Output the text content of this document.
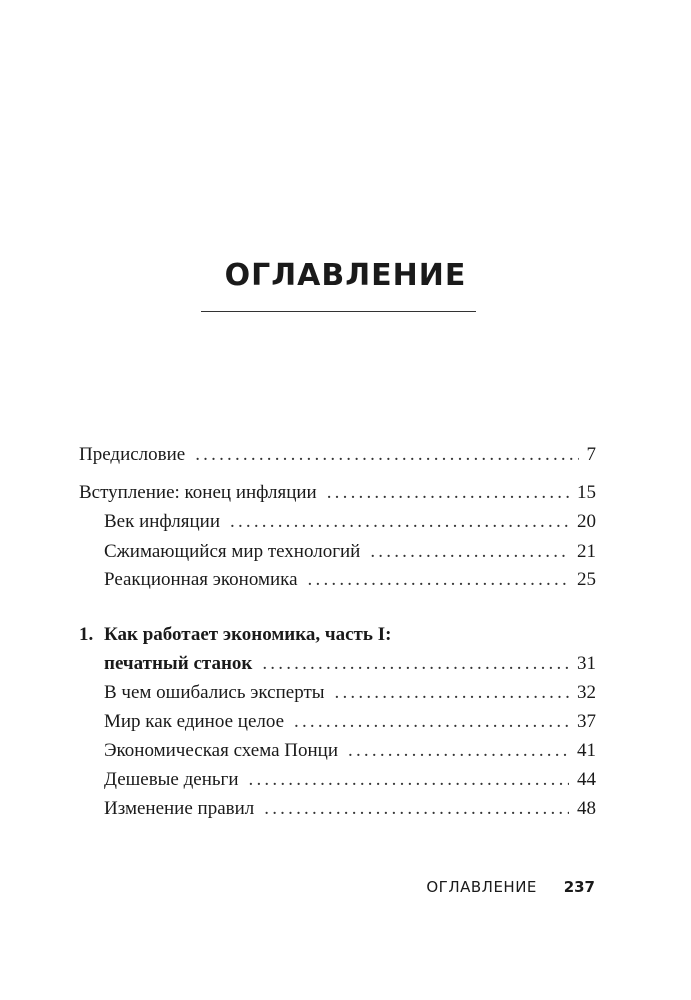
ОГЛАВЛЕНИЕ
Предисловие .....	7
Вступление: конец инфляции .....	15
Век инфляции .....	20
Сжимающийся мир технологий .....	21
Реакционная экономика .....	25
1. Как работает экономика, часть I:
печатный станок .....	31
В чем ошибались эксперты .....	32
Мир как единое целое .....	37
Экономическая схема Понци .....	41
Дешевые деньги .....	44
Изменение правил .....	48
ОГЛАВЛЕНИЕ 237
